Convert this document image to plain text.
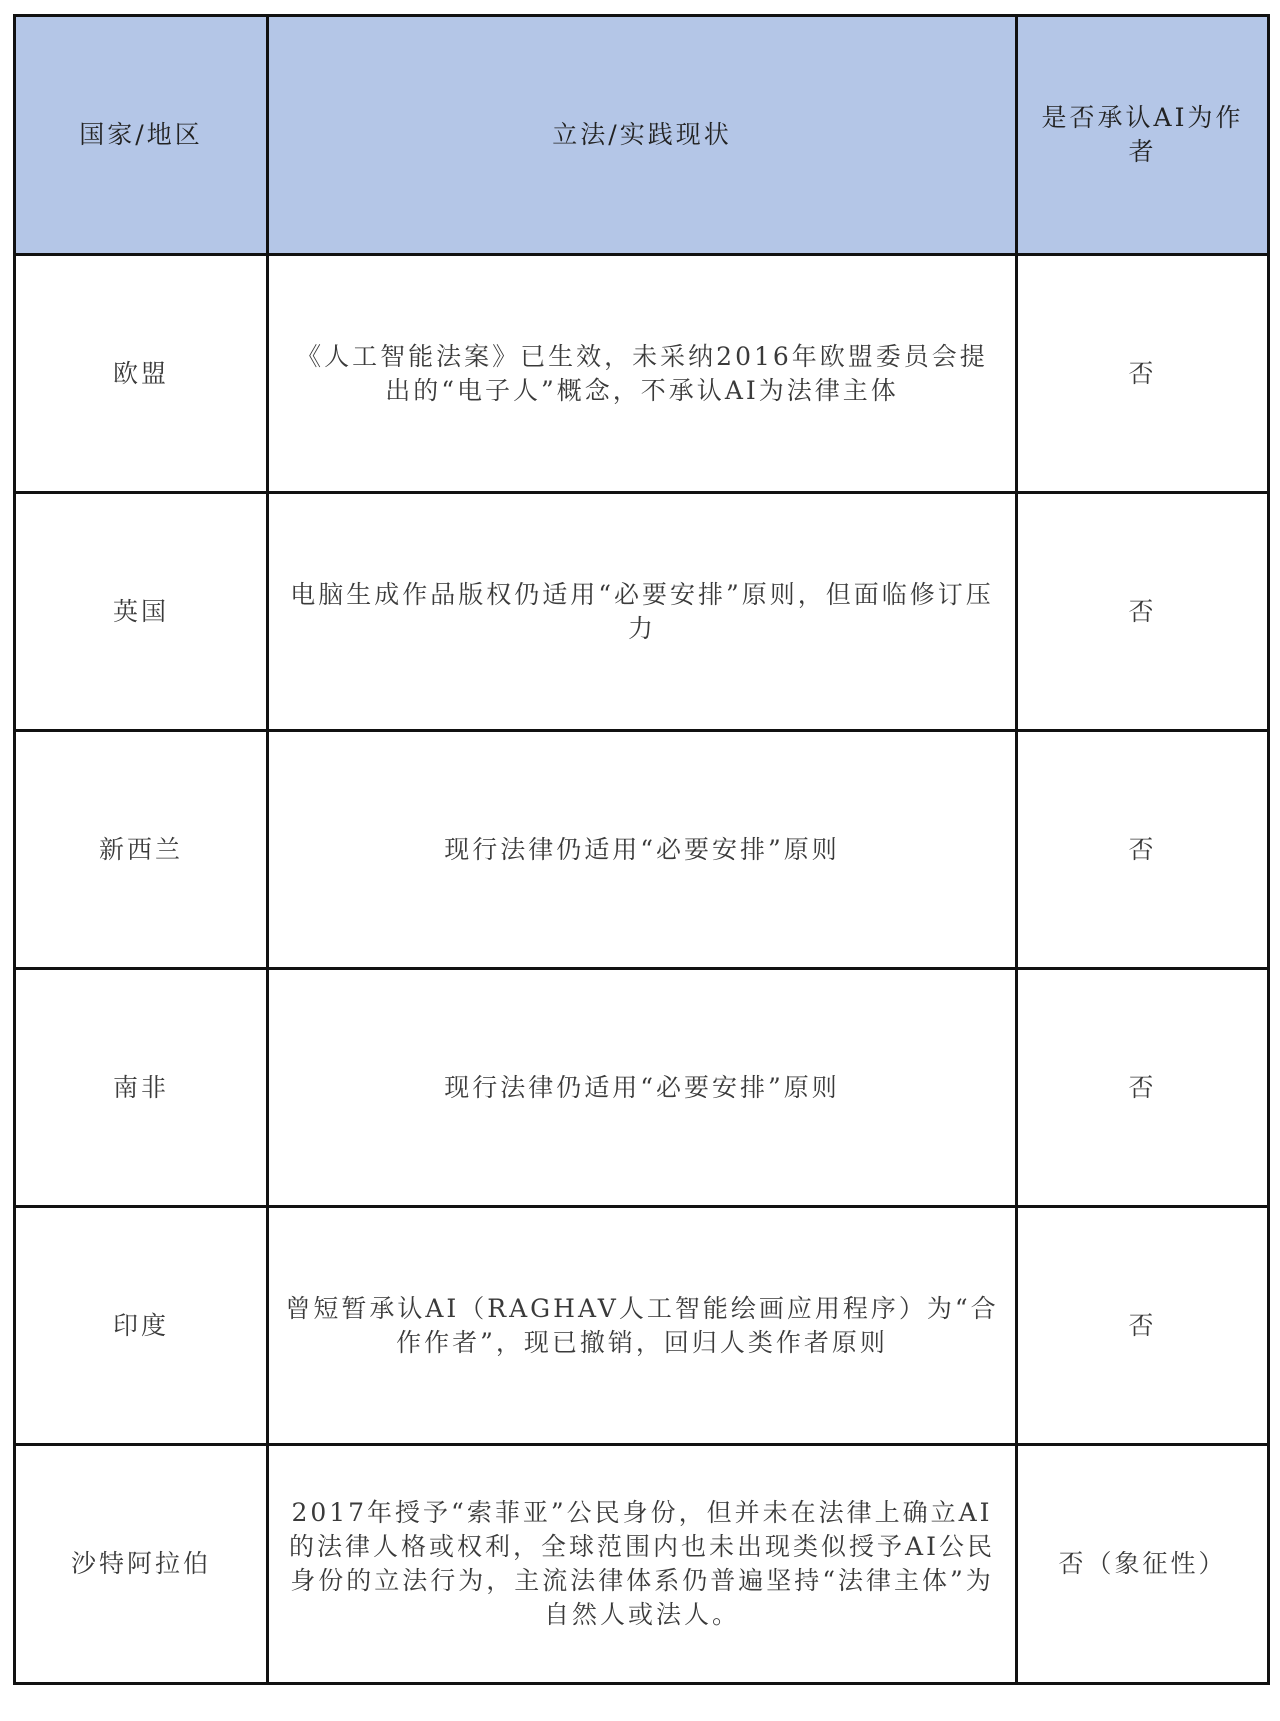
国家/地区	立法/实践现状	是否承认AI为作者
欧盟	《人工智能法案》已生效，未采纳2016年欧盟委员会提出的“电子人”概念，不承认AI为法律主体	否
英国	电脑生成作品版权仍适用“必要安排”原则，但面临修订压力	否
新西兰	现行法律仍适用“必要安排”原则	否
南非	现行法律仍适用“必要安排”原则	否
印度	曾短暂承认AI（RAGHAV人工智能绘画应用程序）为“合作作者”，现已撤销，回归人类作者原则	否
沙特阿拉伯	2017年授予“索菲亚”公民身份，但并未在法律上确立AI的法律人格或权利，全球范围内也未出现类似授予AI公民身份的立法行为，主流法律体系仍普遍坚持“法律主体”为自然人或法人。	否（象征性）
